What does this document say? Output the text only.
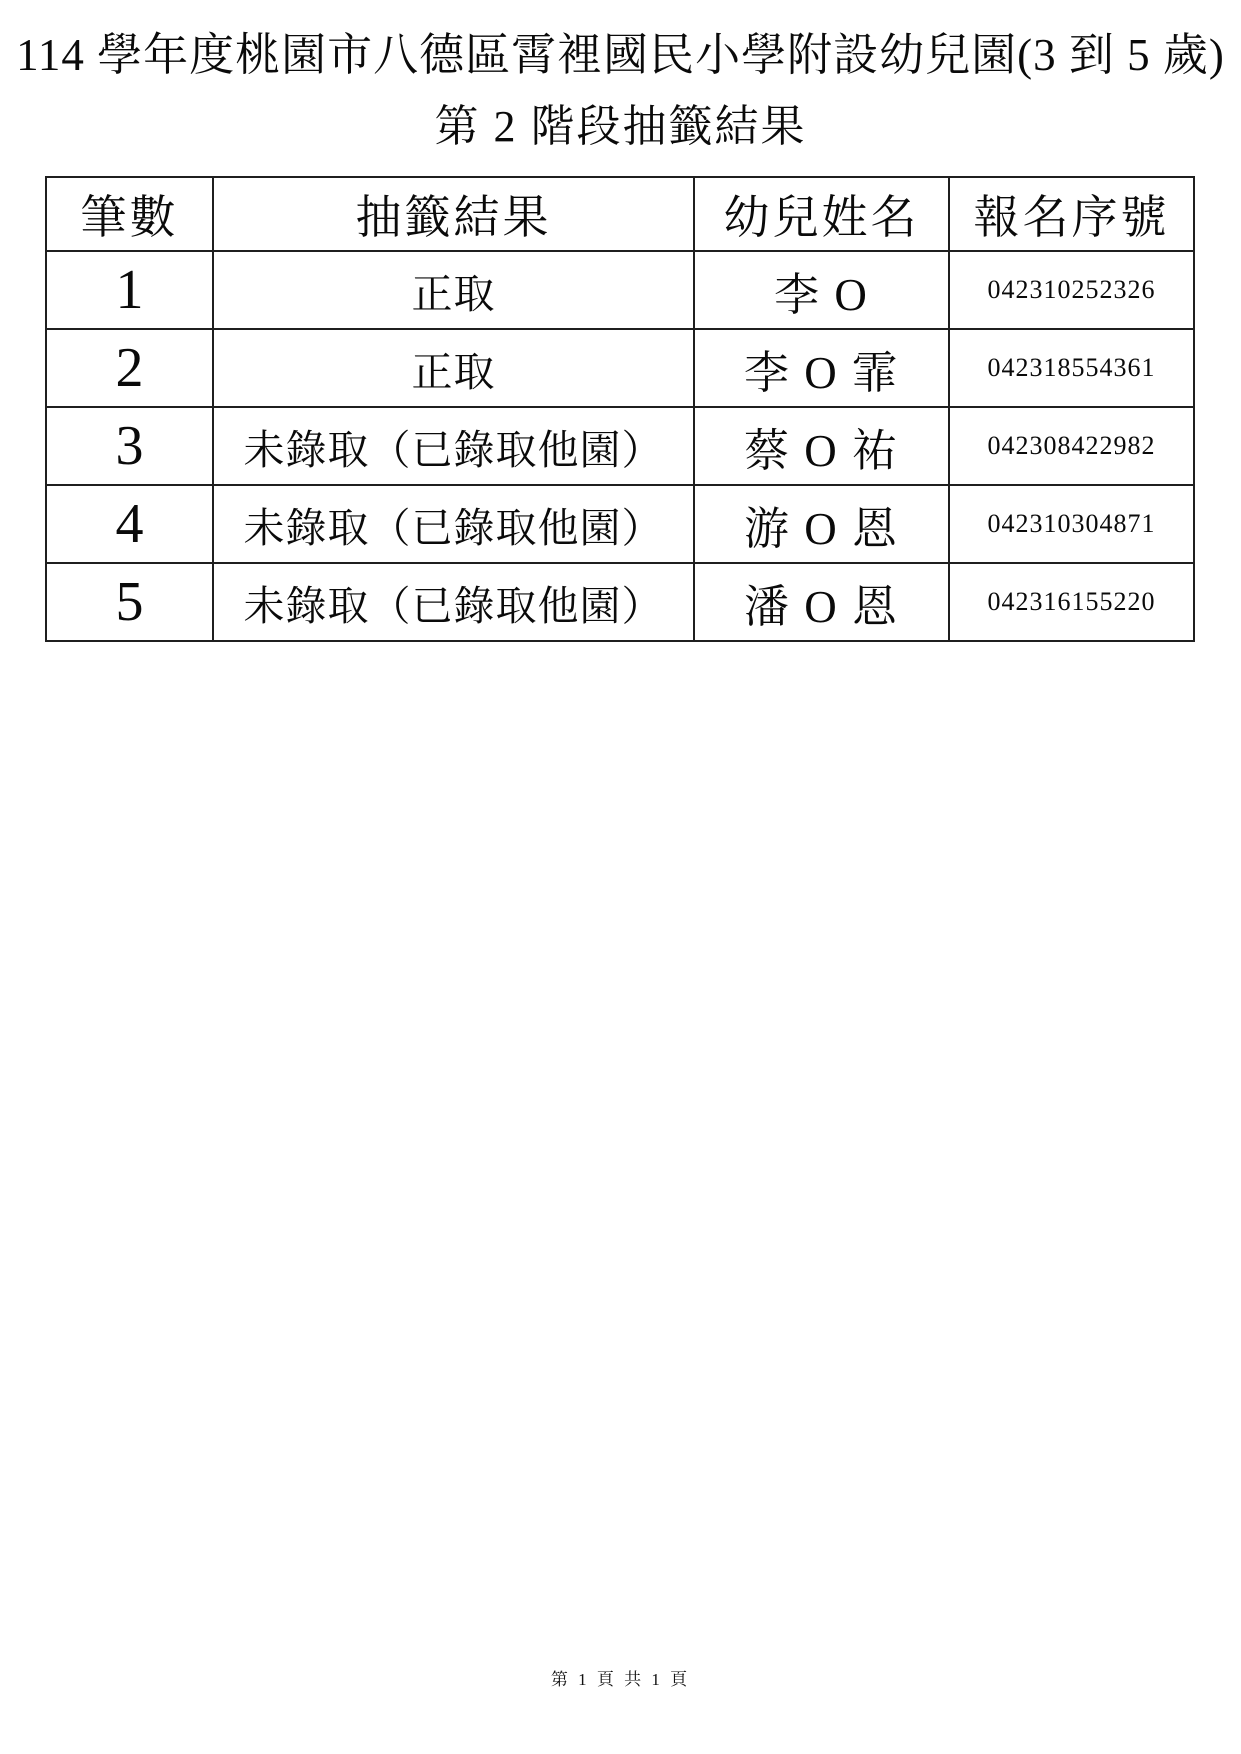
114 學年度桃園市八德區霄裡國民小學附設幼兒園(3 到 5 歲)
第 2 階段抽籤結果
筆數	抽籤結果	幼兒姓名	報名序號
1	正取	李 O	042310252326
2	正取	李 O 霏	042318554361
3	未錄取（已錄取他園）	蔡 O 祐	042308422982
4	未錄取（已錄取他園）	游 O 恩	042310304871
5	未錄取（已錄取他園）	潘 O 恩	042316155220
第 1 頁 共 1 頁
